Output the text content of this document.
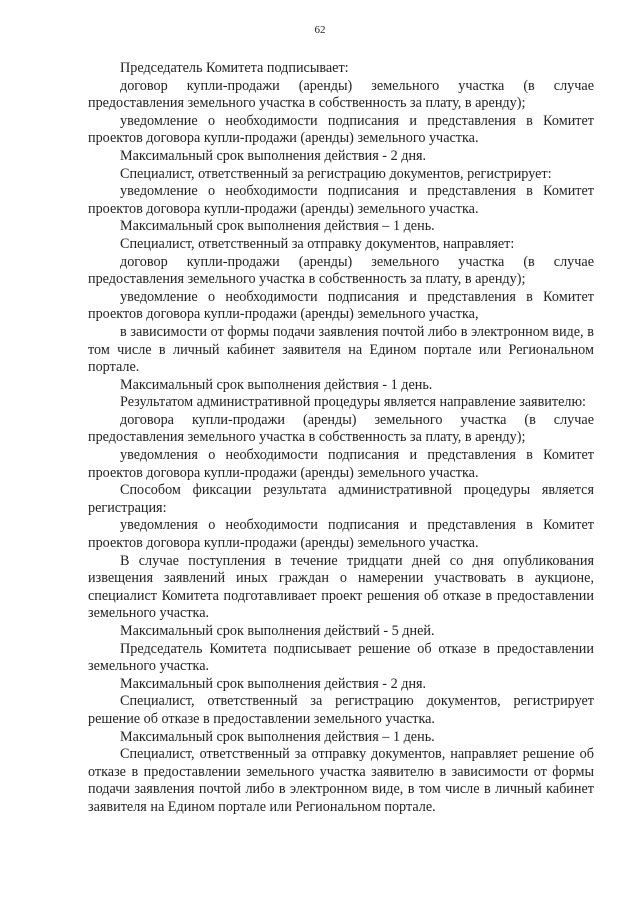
62

Председатель Комитета подписывает:

договор купли-продажи (аренды) земельного участка (в случае предоставления земельного участка в собственность за плату, в аренду);

уведомление о необходимости подписания и представления в Комитет проектов договора купли-продажи (аренды) земельного участка.

Максимальный срок выполнения действия - 2 дня.

Специалист, ответственный за регистрацию документов, регистрирует:

уведомление о необходимости подписания и представления в Комитет проектов договора купли-продажи (аренды) земельного участка.

Максимальный срок выполнения действия – 1 день.

Специалист, ответственный за отправку документов, направляет:

договор купли-продажи (аренды) земельного участка (в случае предоставления земельного участка в собственность за плату, в аренду);

уведомление о необходимости подписания и представления в Комитет проектов договора купли-продажи (аренды) земельного участка,

в зависимости от формы подачи заявления почтой либо в электронном виде, в том числе в личный кабинет заявителя на Едином портале или Региональном портале.

Максимальный срок выполнения действия - 1 день.

Результатом административной процедуры является направление заявителю:

договора купли-продажи (аренды) земельного участка (в случае предоставления земельного участка в собственность за плату, в аренду);

уведомления о необходимости подписания и представления в Комитет проектов договора купли-продажи (аренды) земельного участка.

Способом фиксации результата административной процедуры является регистрация:

уведомления о необходимости подписания и представления в Комитет проектов договора купли-продажи (аренды) земельного участка.

В случае поступления в течение тридцати дней со дня опубликования извещения заявлений иных граждан о намерении участвовать в аукционе, специалист Комитета подготавливает проект решения об отказе в предоставлении земельного участка.

Максимальный срок выполнения действий - 5 дней.

Председатель Комитета подписывает решение об отказе в предоставлении земельного участка.

Максимальный срок выполнения действия - 2 дня.

Специалист, ответственный за регистрацию документов, регистрирует решение об отказе в предоставлении земельного участка.

Максимальный срок выполнения действия – 1 день.

Специалист, ответственный за отправку документов, направляет решение об отказе в предоставлении земельного участка заявителю в зависимости от формы подачи заявления почтой либо в электронном виде, в том числе в личный кабинет заявителя на Едином портале или Региональном портале.
